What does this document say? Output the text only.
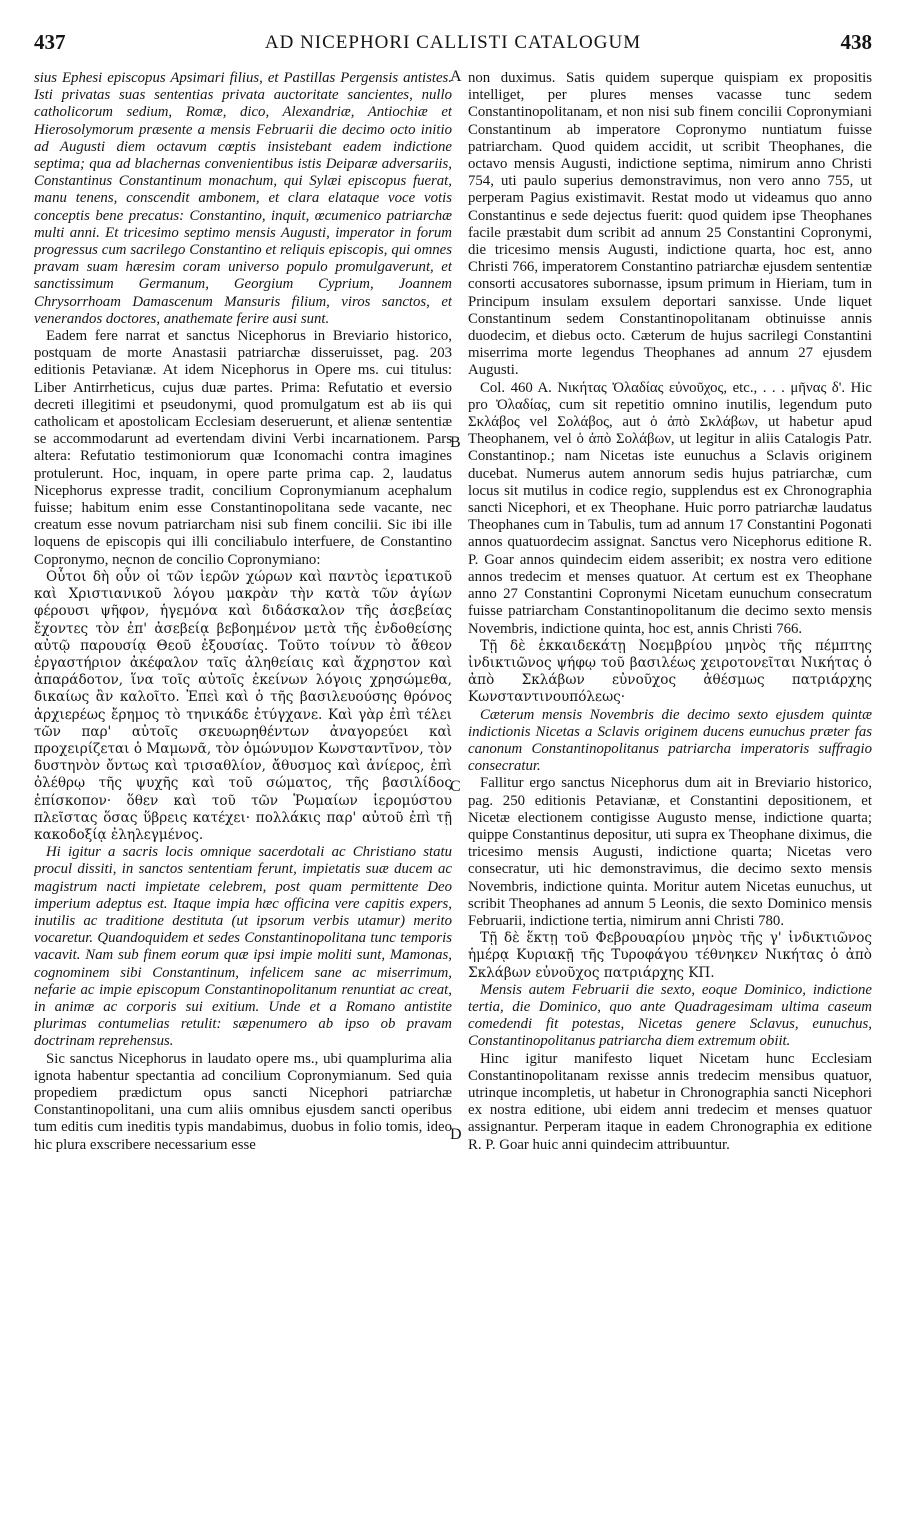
437	AD NICEPHORI CALLISTI CATALOGUM	438
A
B
C
D

sius Ephesi episcopus Apsimari filius, et Pastillas Pergensis antistes. Isti privatas suas sententias privata auctoritate sancientes, nullo catholicorum sedium, Romæ, dico, Alexandriæ, Antiochiæ et Hierosolymorum præsente a mensis Februarii die decimo octo initio ad Augusti diem octavum cœptis insistebant eadem indictione septima; qua ad blachernas convenientibus istis Deiparæ adversariis, Constantinus Constantinum monachum, qui Sylæi episcopus fuerat, manu tenens, conscendit ambonem, et clara elataque voce votis conceptis bene precatus: Constantino, inquit, œcumenico patriarchæ multi anni. Et tricesimo septimo mensis Augusti, imperator in forum progressus cum sacrilego Constantino et reliquis episcopis, qui omnes pravam suam hæresim coram universo populo promulgaverunt, et sanctissimum Germanum, Georgium Cyprium, Joannem Chrysorrhoam Damascenum Mansuris filium, viros sanctos, et venerandos doctores, anathemate ferire ausi sunt.

Eadem fere narrat et sanctus Nicephorus in Breviario historico, postquam de morte Anastasii patriarchæ disseruisset, pag. 203 editionis Petavianæ. At idem Nicephorus in Opere ms. cui titulus: Liber Antirrheticus, cujus duæ partes. Prima: Refutatio et eversio decreti illegitimi et pseudonymi, quod promulgatum est ab iis qui catholicam et apostolicam Ecclesiam deseruerunt, et alienæ sententiæ se accommodarunt ad evertendam divini Verbi incarnationem. Pars altera: Refutatio testimoniorum quæ Iconomachi contra imagines protulerunt. Hoc, inquam, in opere parte prima cap. 2, laudatus Nicephorus expresse tradit, concilium Copronymianum acephalum fuisse; habitum enim esse Constantinopolitana sede vacante, nec creatum esse novum patriarcham nisi sub finem concilii. Sic ibi ille loquens de episcopis qui illi conciliabulo interfuere, de Constantino Copronymo, necnon de concilio Copronymiano:

Οὗτοι δὴ οὖν οἱ τῶν ἱερῶν χώρων καὶ παντὸς ἱερατικοῦ καὶ Χριστιανικοῦ λόγου μακρὰν τὴν κατὰ τῶν ἁγίων φέρουσι ψῆφον, ἡγεμόνα καὶ διδάσκαλον τῆς ἀσεβείας ἔχοντες τὸν ἐπ' ἀσεβείᾳ βεβοημένον μετὰ τῆς ἐνδοθείσης αὐτῷ παρουσίᾳ Θεοῦ ἐξουσίας. Τοῦτο τοίνυν τὸ ἄθεον ἐργαστήριον ἀκέφαλον ταῖς ἀληθείαις καὶ ἄχρηστον καὶ ἀπαράδοτον, ἵνα τοῖς αὐτοῖς ἐκείνων λόγοις χρησώμεθα, δικαίως ἂν καλοῖτο. Ἐπεὶ καὶ ὁ τῆς βασιλευούσης θρόνος ἀρχιερέως ἔρημος τὸ τηνικάδε ἐτύγχανε. Καὶ γὰρ ἐπὶ τέλει τῶν παρ' αὐτοῖς σκευωρηθέντων ἀναγορεύει καὶ προχειρίζεται ὁ Μαμωνᾶ, τὸν ὁμώνυμον Κωνσταντῖνον, τὸν δυστηνὸν ὄντως καὶ τρισαθλίον, ἄθυσμος καὶ ἀνίερος, ἐπὶ ὀλέθρῳ τῆς ψυχῆς καὶ τοῦ σώματος, τῆς βασιλίδος ἐπίσκοπον· ὅθεν καὶ τοῦ τῶν Ῥωμαίων ἱερομύστου πλεῖστας ὅσας ὕβρεις κατέχει· πολλάκις παρ' αὐτοῦ ἐπὶ τῇ κακοδοξίᾳ ἐληλεγμένος.

Hi igitur a sacris locis omnique sacerdotali ac Christiano statu procul dissiti, in sanctos sententiam ferunt, impietatis suæ ducem ac magistrum nacti impietate celebrem, post quam permittente Deo imperium adeptus est. Itaque impia hæc officina vere capitis expers, inutilis ac traditione destituta (ut ipsorum verbis utamur) merito vocaretur. Quandoquidem et sedes Constantinopolitana tunc temporis vacavit. Nam sub finem eorum quæ ipsi impie moliti sunt, Mamonas, cognominem sibi Constantinum, infelicem sane ac miserrimum, nefarie ac impie episcopum Constantinopolitanum renuntiat ac creat, in animæ ac corporis sui exitium. Unde et a Romano antistite plurimas contumelias retulit: sæpenumero ab ipso ob pravam doctrinam reprehensus.

Sic sanctus Nicephorus in laudato opere ms., ubi quamplurima alia ignota habentur spectantia ad concilium Copronymianum. Sed quia propediem prædictum opus sancti Nicephori patriarchæ Constantinopolitani, una cum aliis omnibus ejusdem sancti operibus tum editis cum ineditis typis mandabimus, duobus in folio tomis, ideo hic plura exscribere necessarium esse

non duximus. Satis quidem superque quispiam ex propositis intelliget, per plures menses vacasse tunc sedem Constantinopolitanam, et non nisi sub finem concilii Copronymiani Constantinum ab imperatore Copronymo nuntiatum fuisse patriarcham. Quod quidem accidit, ut scribit Theophanes, die octavo mensis Augusti, indictione septima, nimirum anno Christi 754, uti paulo superius demonstravimus, non vero anno 755, ut perperam Pagius existimavit. Restat modo ut videamus quo anno Constantinus e sede dejectus fuerit: quod quidem ipse Theophanes facile præstabit dum scribit ad annum 25 Constantini Copronymi, die tricesimo mensis Augusti, indictione quarta, hoc est, anno Christi 766, imperatorem Constantino patriarchæ ejusdem sententiæ consorti accusatores subornasse, ipsum primum in Hieriam, tum in Principum insulam exsulem deportari sanxisse. Unde liquet Constantinum sedem Constantinopolitanam obtinuisse annis duodecim, et diebus octo. Cæterum de hujus sacrilegi Constantini miserrima morte legendus Theophanes ad annum 27 ejusdem Augusti.

Col. 460 A. Νικήτας Ὀλαδίας εὐνοῦχος, etc., . . . μῆνας δ'. Hic pro Ὀλαδίας, cum sit repetitio omnino inutilis, legendum puto Σκλάβος vel Σολάβος, aut ὁ ἀπὸ Σκλάβων, ut habetur apud Theophanem, vel ὁ ἀπὸ Σολάβων, ut legitur in aliis Catalogis Patr. Constantinop.; nam Nicetas iste eunuchus a Sclavis originem ducebat. Numerus autem annorum sedis hujus patriarchæ, cum locus sit mutilus in codice regio, supplendus est ex Chronographia sancti Nicephori, et ex Theophane. Huic porro patriarchæ laudatus Theophanes cum in Tabulis, tum ad annum 17 Constantini Pogonati annos quatuordecim assignat. Sanctus vero Nicephorus editione R. P. Goar annos quindecim eidem asseribit; ex nostra vero editione annos tredecim et menses quatuor. At certum est ex Theophane anno 27 Constantini Copronymi Nicetam eunuchum consecratum fuisse patriarcham Constantinopolitanum die decimo sexto mensis Novembris, indictione quinta, hoc est, annis Christi 766.

Τῇ δὲ ἑκκαιδεκάτῃ Νοεμβρίου μηνὸς τῆς πέμπτης ἰνδικτιῶνος ψήφῳ τοῦ βασιλέως χειροτονεῖται Νικήτας ὁ ἀπὸ Σκλάβων εὐνοῦχος ἀθέσμως πατριάρχης Κωνσταντινουπόλεως·

Cæterum mensis Novembris die decimo sexto ejusdem quintæ indictionis Nicetas a Sclavis originem ducens eunuchus præter fas canonum Constantinopolitanus patriarcha imperatoris suffragio consecratur.

Fallitur ergo sanctus Nicephorus dum ait in Breviario historico, pag. 250 editionis Petavianæ, et Constantini depositionem, et Nicetæ electionem contigisse Augusto mense, indictione quarta; quippe Constantinus depositur, uti supra ex Theophane diximus, die tricesimo mensis Augusti, indictione quarta; Nicetas vero consecratur, uti hic demonstravimus, die decimo sexto mensis Novembris, indictione quinta. Moritur autem Nicetas eunuchus, ut scribit Theophanes ad annum 5 Leonis, die sexto Dominico mensis Februarii, indictione tertia, nimirum anni Christi 780.

Τῇ δὲ ἕκτῃ τοῦ Φεβρουαρίου μηνὸς τῆς γ' ἰνδικτιῶνος ἡμέρᾳ Κυριακῇ τῆς Τυροφάγου τέθνηκεν Νικήτας ὁ ἀπὸ Σκλάβων εὐνοῦχος πατριάρχης ΚΠ.

Mensis autem Februarii die sexto, eoque Dominico, indictione tertia, die Dominico, quo ante Quadragesimam ultima caseum comedendi fit potestas, Nicetas genere Sclavus, eunuchus, Constantinopolitanus patriarcha diem extremum obiit.

Hinc igitur manifesto liquet Nicetam hunc Ecclesiam Constantinopolitanam rexisse annis tredecim mensibus quatuor, utrinque incompletis, ut habetur in Chronographia sancti Nicephori ex nostra editione, ubi eidem anni tredecim et menses quatuor assignantur. Perperam itaque in eadem Chronographia ex editione R. P. Goar huic anni quindecim attribuuntur.
